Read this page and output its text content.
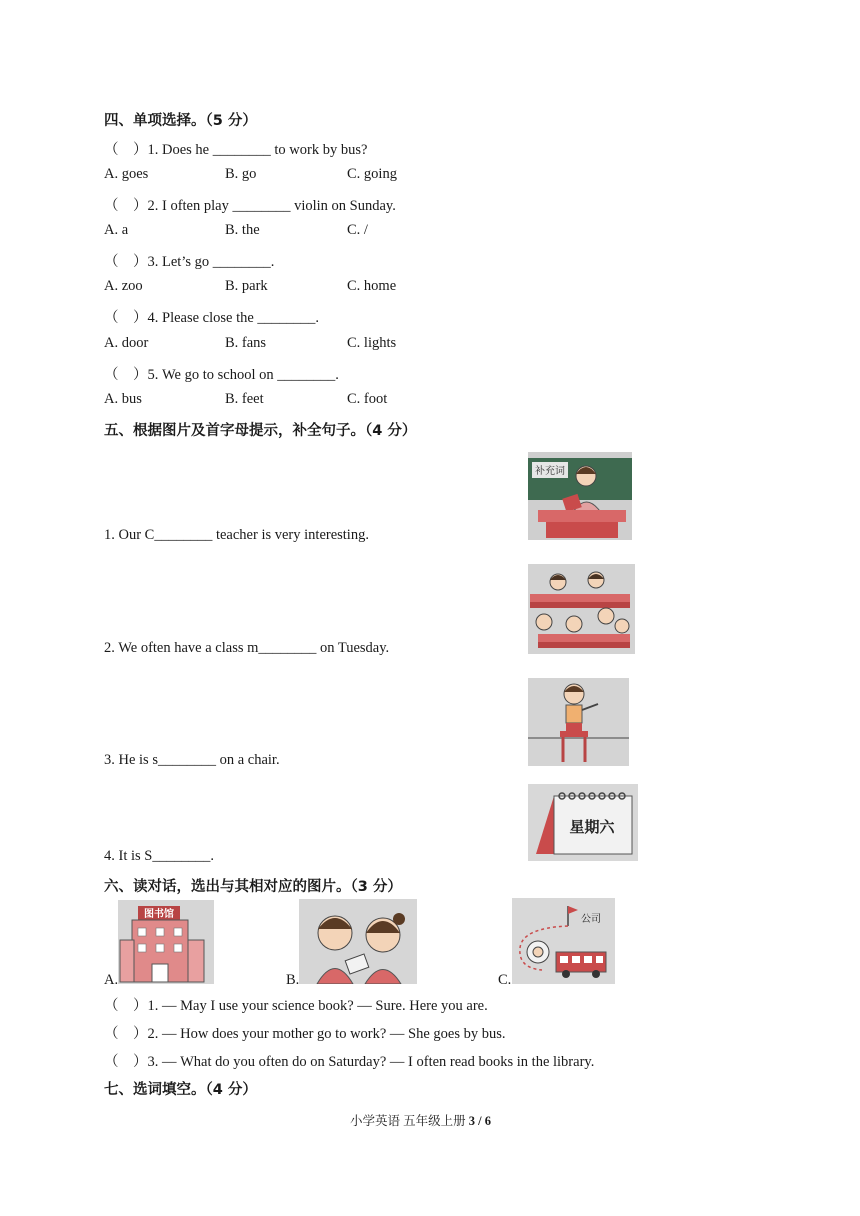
四、单项选择。（5 分）
（　）1. Does he ________ to work by bus?
A. goes	B. go	C. going
（　）2. I often play ________ violin on Sunday.
A. a	B. the	C. /
（　）3. Let’s go ________.
A. zoo	B. park	C. home
（　）4. Please close the ________.
A. door	B. fans	C. lights
（　）5. We go to school on ________.
A. bus	B. feet	C. foot
五、根据图片及首字母提示，补全句子。（4 分）
1. Our C________ teacher is very interesting.
补充词
2. We often have a class m________ on Tuesday.
3. He is s________ on a chair.
4. It is S________.
星期六
六、读对话，选出与其相对应的图片。（3 分）
A.
图书馆
B.	C.
公司
（　）1. — May I use your science book? — Sure. Here you are.
（　）2. — How does your mother go to work? — She goes by bus.
（　）3. — What do you often do on Saturday? — I often read books in the library.
七、选词填空。（4 分）
小学英语 五年级上册 3 / 6
